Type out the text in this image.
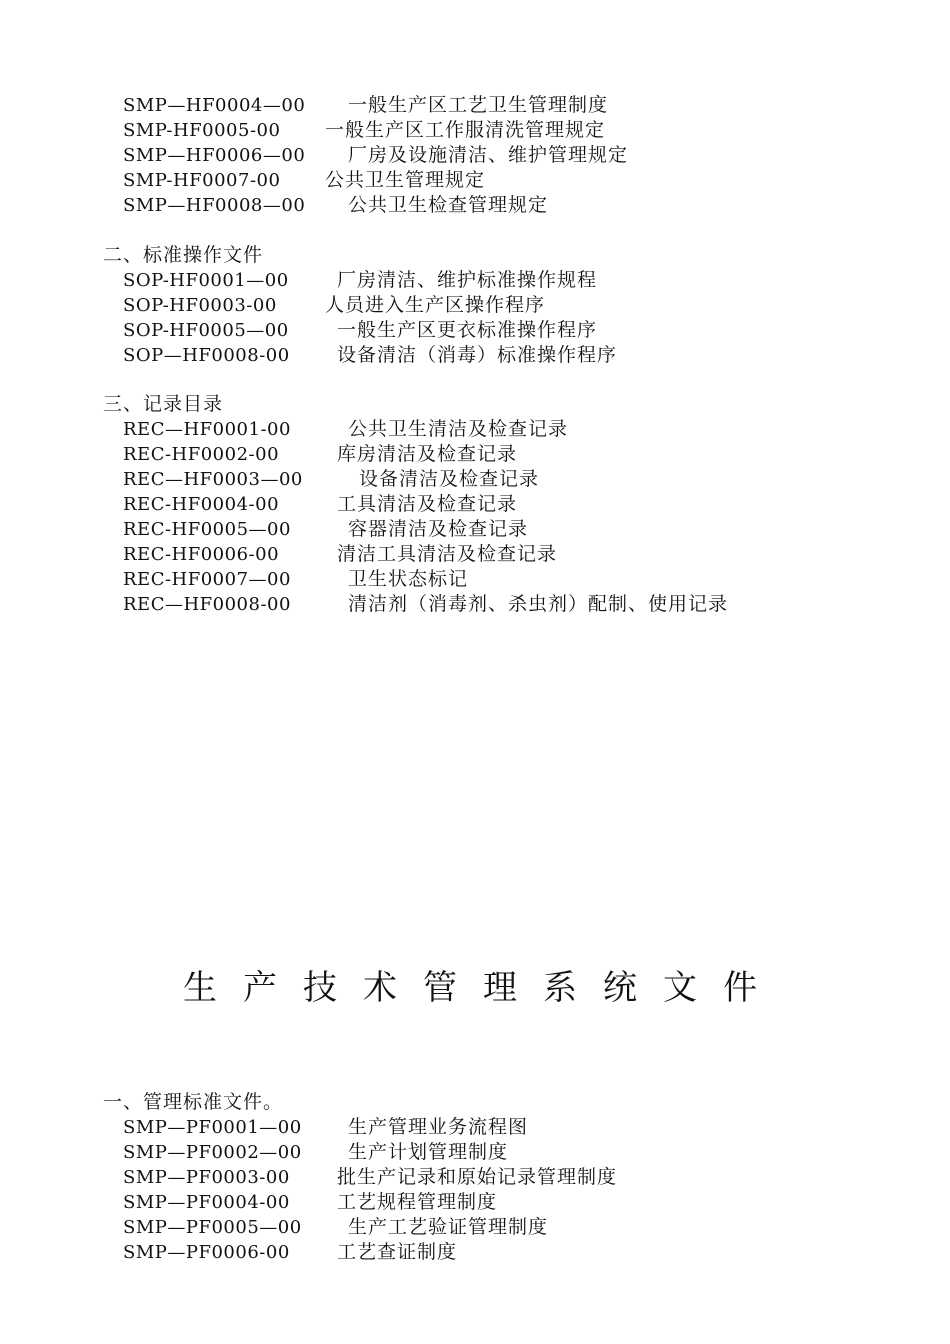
SMP—HF0004—00 一般生产区工艺卫生管理制度
SMP-HF0005-00 一般生产区工作服清洗管理规定
SMP—HF0006—00 厂房及设施清洁、维护管理规定
SMP-HF0007-00 公共卫生管理规定
SMP—HF0008—00 公共卫生检查管理规定
二、标准操作文件
SOP-HF0001—00	厂房清洁、维护标准操作规程
SOP-HF0003-00	人员进入生产区操作程序
SOP-HF0005—00	一般生产区更衣标准操作程序
SOP—HF0008-00 设备清洁（消毒）标准操作程序
三、记录目录
REC—HF0001-00	公共卫生清洁及检查记录
REC-HF0002-00	库房清洁及检查记录
REC—HF0003—00	设备清洁及检查记录
REC-HF0004-00	工具清洁及检查记录
REC-HF0005—00	容器清洁及检查记录
REC-HF0006-00	清洁工具清洁及检查记录
REC-HF0007—00	卫生状态标记
REC—HF0008-00	清洁剂（消毒剂、杀虫剂）配制、使用记录
生产技术管理系统文件
一、管理标准文件。
SMP—PF0001—00 生产管理业务流程图
SMP—PF0002—00 生产计划管理制度
SMP—PF0003-00 批生产记录和原始记录管理制度
SMP—PF0004-00 工艺规程管理制度
SMP—PF0005—00 生产工艺验证管理制度
SMP—PF0006-00 工艺查证制度
